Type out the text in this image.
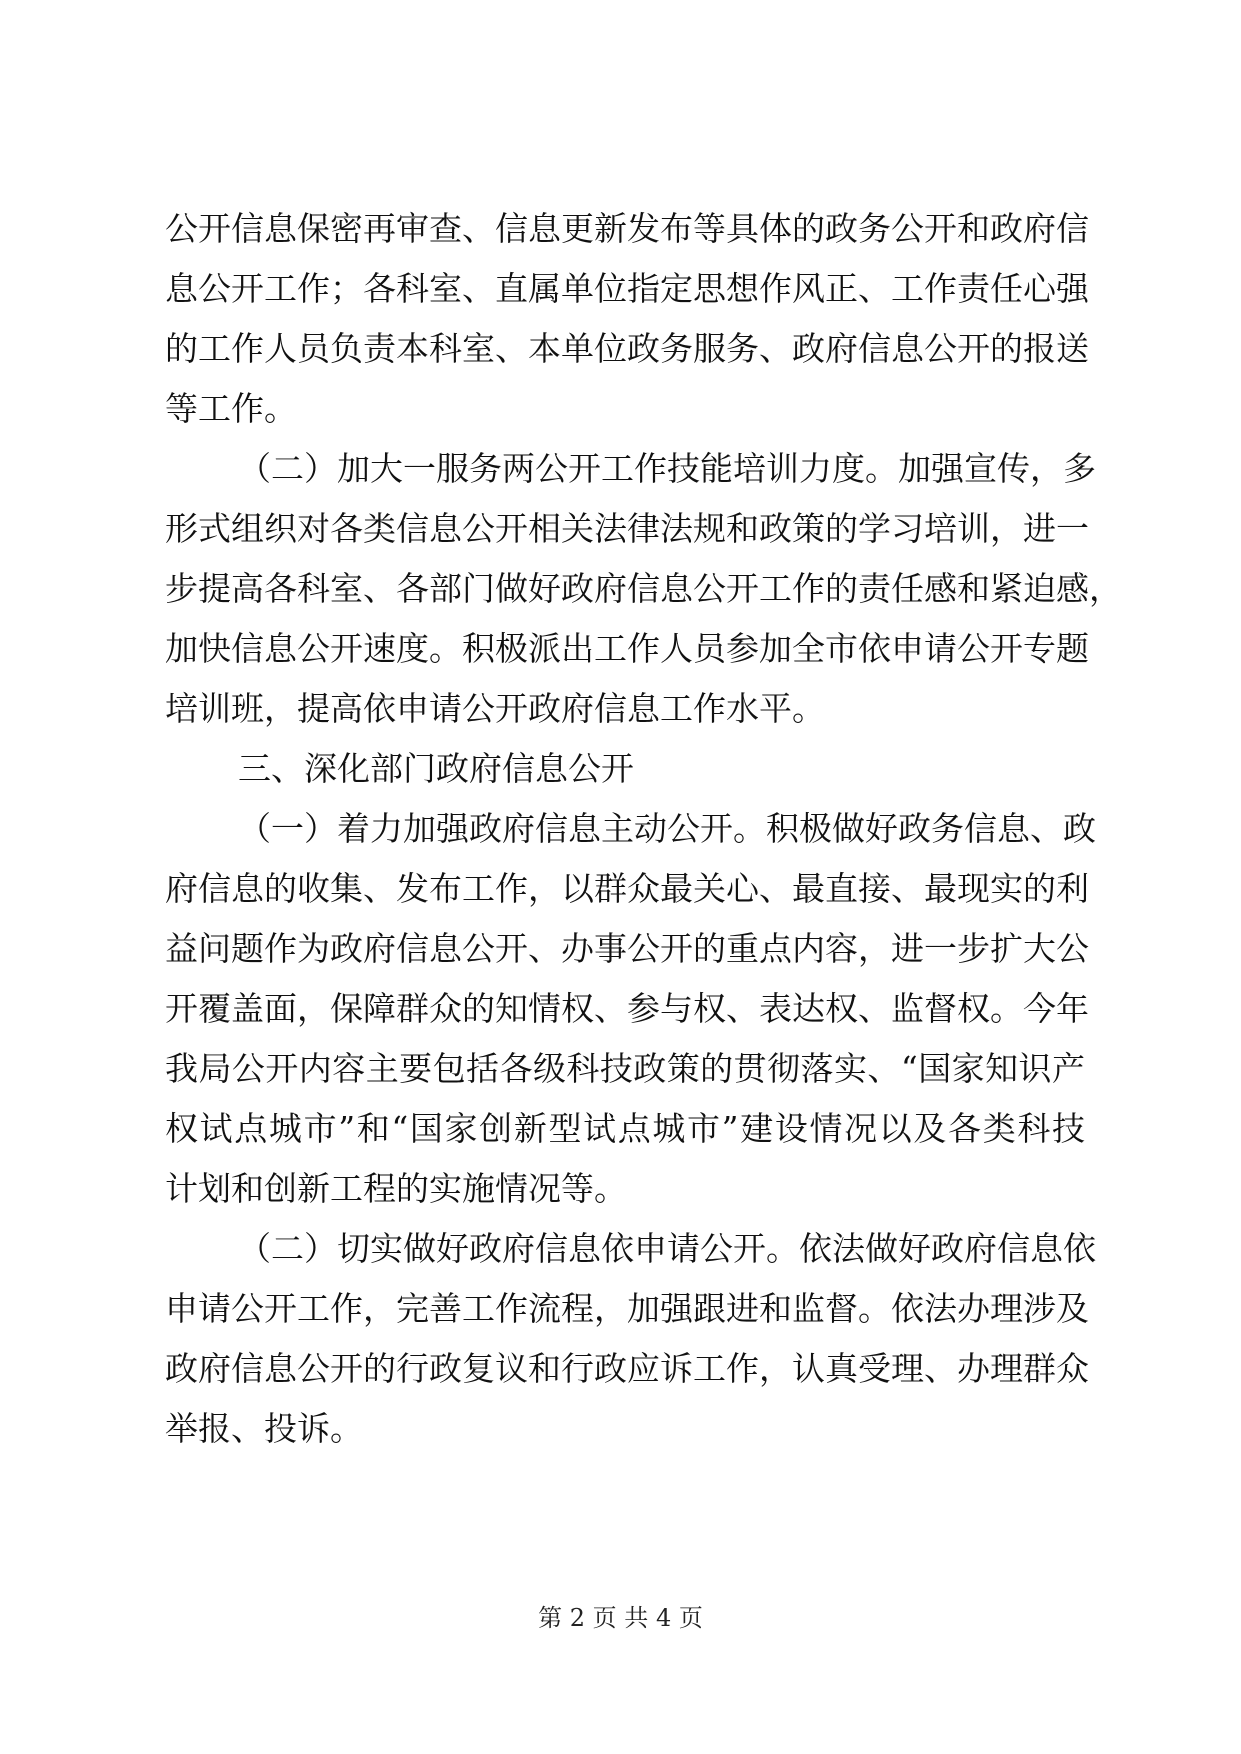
公开信息保密再审查、信息更新发布等具体的政务公开和政府信
息公开工作；各科室、直属单位指定思想作风正、工作责任心强
的工作人员负责本科室、本单位政务服务、政府信息公开的报送
等工作。
（二）加大一服务两公开工作技能培训力度。加强宣传，多
形式组织对各类信息公开相关法律法规和政策的学习培训，进一
步提高各科室、各部门做好政府信息公开工作的责任感和紧迫感，
加快信息公开速度。积极派出工作人员参加全市依申请公开专题
培训班，提高依申请公开政府信息工作水平。
三、深化部门政府信息公开
（一）着力加强政府信息主动公开。积极做好政务信息、政
府信息的收集、发布工作，以群众最关心、最直接、最现实的利
益问题作为政府信息公开、办事公开的重点内容，进一步扩大公
开覆盖面，保障群众的知情权、参与权、表达权、监督权。今年
我局公开内容主要包括各级科技政策的贯彻落实、“国家知识产
权试点城市”和“国家创新型试点城市”建设情况以及各类科技
计划和创新工程的实施情况等。
（二）切实做好政府信息依申请公开。依法做好政府信息依
申请公开工作，完善工作流程，加强跟进和监督。依法办理涉及
政府信息公开的行政复议和行政应诉工作，认真受理、办理群众
举报、投诉。
第 2 页 共 4 页
